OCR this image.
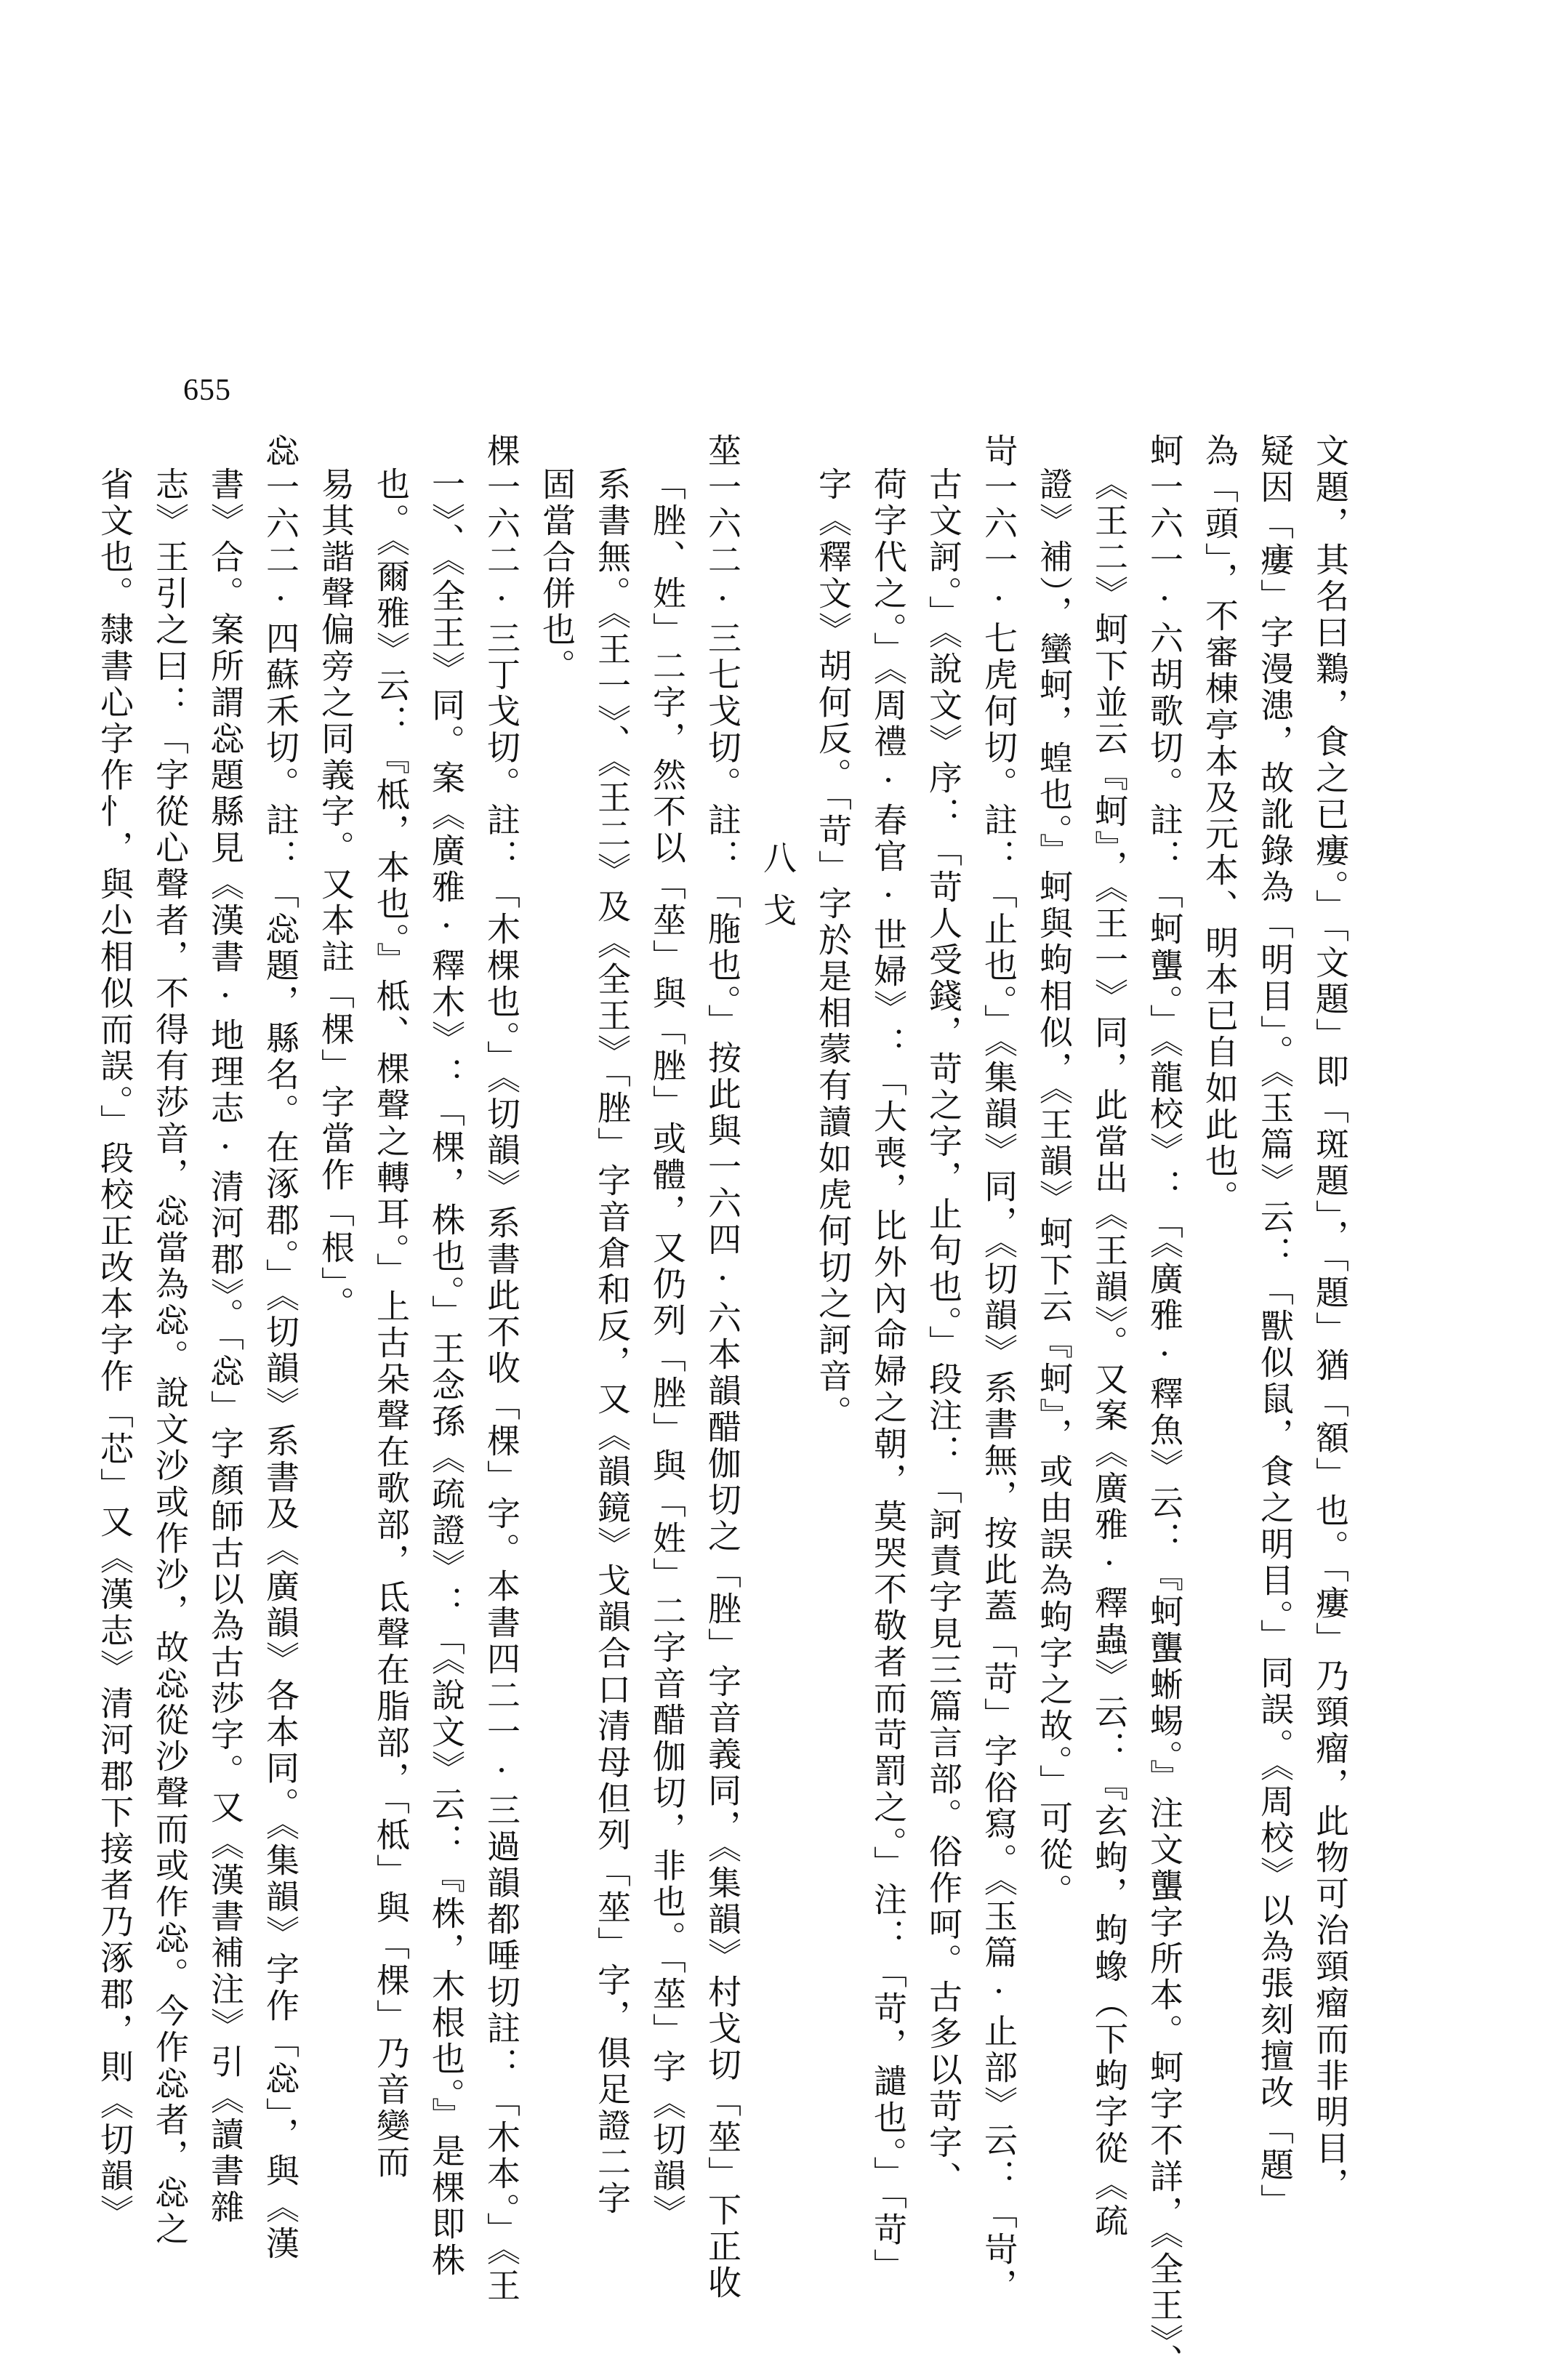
655
文題，其名曰鸈，食之已瘻。」「文題」即「斑題」，「題」猶「額」也。「瘻」乃頸瘤，此物可治頸瘤而非明目，
疑因「瘻」字漫漶，故訛錄為「明目」。《玉篇》云：「獸似鼠，食之明目。」同誤。《周校》以為張刻擅改「題」
為「頭」，不審棟亭本及元本、明本已自如此也。
蚵一六一·六胡歌切。註：「蚵蠪。」《龍校》：「《廣雅·釋魚》云：『蚵蠪蜥蜴。』注文蠪字所本。蚵字不詳，《全王》、
《王二》蚵下並云『蚵』，《王一》同，此當出《王韻》。又案《廣雅·釋蟲》云：『玄蚼，蚼蟓（下蚼字從《疏
證》補），蠻蚵，蝗也。』蚵與蚼相似，《王韻》蚵下云『蚵』，或由誤為蚼字之故。」可從。
岢一六一·七虎何切。註：「止也。」《集韻》同，《切韻》系書無，按此蓋「苛」字俗寫。《玉篇·止部》云：「岢，
古文訶。」《說文》序：「苛人受錢，苛之字，止句也。」段注：「訶責字見三篇言部。俗作呵。古多以苛字、
荷字代之。」《周禮·春官·世婦》：「大喪，比外內命婦之朝，莫哭不敬者而苛罰之。」注：「苛，譴也。」「苛」
字《釋文》胡何反。「苛」字於是相蒙有讀如虎何切之訶音。
八戈
莝一六二·三七戈切。註：「胣也。」按此與一六四·六本韻醋伽切之「脞」字音義同，《集韻》村戈切「莝」下正收
「脞、姓」二字，然不以「莝」與「脞」或體，又仍列「脞」與「姓」二字音醋伽切，非也。「莝」字《切韻》
系書無。《王一》、《王二》及《全王》「脞」字音倉和反，又《韻鏡》戈韻合口清母但列「莝」字，俱足證二字
固當合併也。
棵一六二·三丁戈切。註：「木棵也。」《切韻》系書此不收「棵」字。本書四二一·三過韻都唾切註：「木本。」《王
一》、《全王》同。案《廣雅·釋木》：「棵，株也。」王念孫《疏證》：「《說文》云：『株，木根也。』是棵即株
也。《爾雅》云：『柢，本也。』柢、棵聲之轉耳。」上古朵聲在歌部，氐聲在脂部，「柢」與「棵」乃音變而
易其諧聲偏旁之同義字。又本註「棵」字當作「根」。
惢一六二·四蘇禾切。註：「惢題，縣名。在涿郡。」《切韻》系書及《廣韻》各本同。《集韻》字作「惢」，與《漢
書》合。案所謂惢題縣見《漢書·地理志·清河郡》。「惢」字顏師古以為古莎字。又《漢書補注》引《讀書雜
志》王引之曰：「字從心聲者，不得有莎音，惢當為惢。說文沙或作沙，故惢從沙聲而或作惢。今作惢者，惢之
省文也。隸書心字作忄，與尐相似而誤。」段校正改本字作「芯」又《漢志》清河郡下接者乃涿郡，則《切韻》
